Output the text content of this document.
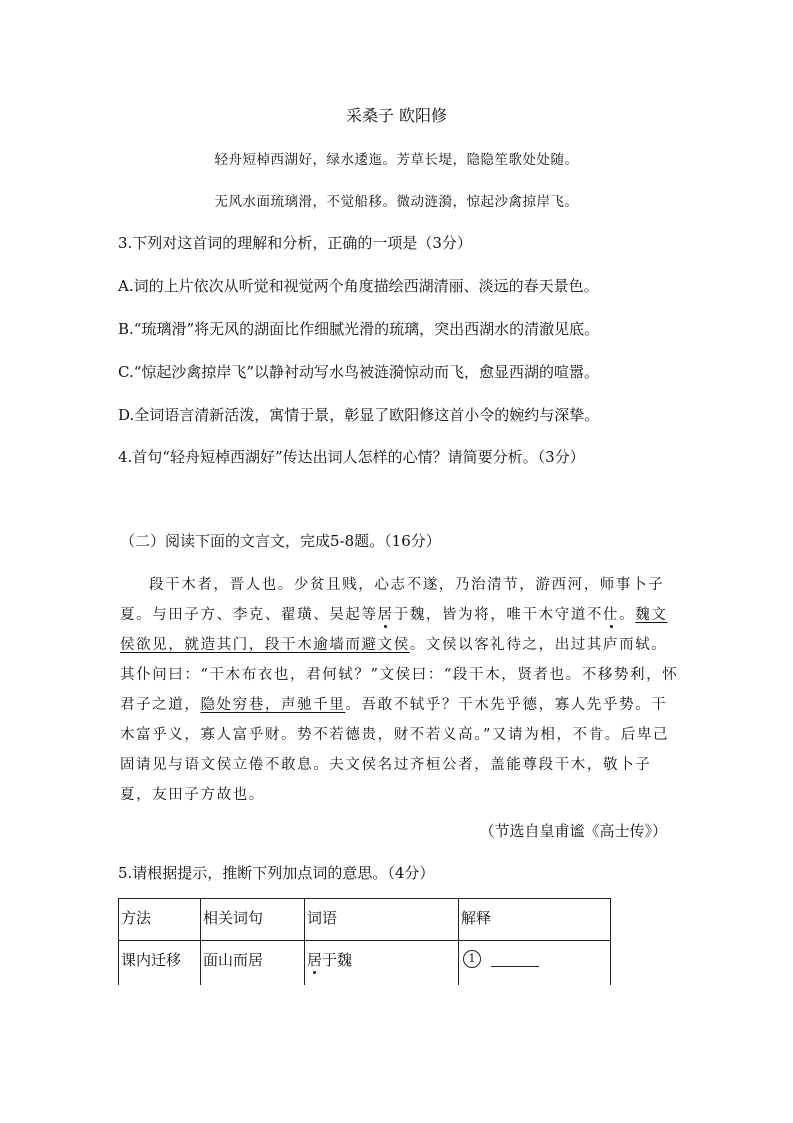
采桑子 欧阳修
轻舟短棹西湖好，绿水逶迤。芳草长堤，隐隐笙歌处处随。
无风水面琉璃滑，不觉船移。微动涟漪，惊起沙禽掠岸飞。
3.下列对这首词的理解和分析，正确的一项是（3分）
A.词的上片依次从听觉和视觉两个角度描绘西湖清丽、淡远的春天景色。
B.“琉璃滑”将无风的湖面比作细腻光滑的琉璃，突出西湖水的清澈见底。
C.“惊起沙禽掠岸飞”以静衬动写水鸟被涟漪惊动而飞，愈显西湖的喧嚣。
D.全词语言清新活泼，寓情于景，彰显了欧阳修这首小令的婉约与深挚。
4.首句“轻舟短棹西湖好”传达出词人怎样的心情？请简要分析。（3分）
（二）阅读下面的文言文，完成5-8题。（16分）

段干木者，晋人也。少贫且贱，心志不遂，乃治清节，游西河，师事卜子夏。与田子方、李克、翟璜、吴起等居于魏，皆为将，唯干木守道不仕。魏文侯欲见，就造其门，段干木逾墙而避文侯。文侯以客礼待之，出过其庐而轼。其仆问曰：“干木布衣也，君何轼？”文侯曰：“段干木，贤者也。不移势利，怀君子之道，隐处穷巷，声驰千里。吾敢不轼乎？干木先乎德，寡人先乎势。干木富乎义，寡人富乎财。势不若德贵，财不若义高。”又请为相，不肯。后卑己固请见与语文侯立倦不敢息。夫文侯名过齐桓公者，盖能尊段干木，敬卜子夏，友田子方故也。

（节选自皇甫谧《高士传》）
5.请根据提示，推断下列加点词的意思。（4分）
方法	相关词句	词语	解释
课内迁移	面山而居	居于魏	1
